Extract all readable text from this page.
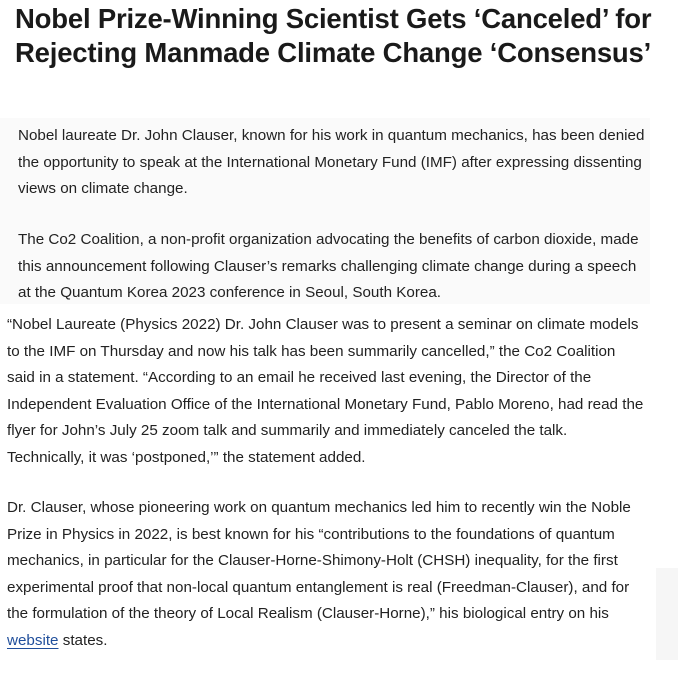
Nobel Prize-Winning Scientist Gets ‘Canceled’ for Rejecting Manmade Climate Change ‘Consensus’

Nobel laureate Dr. John Clauser, known for his work in quantum mechanics, has been denied the opportunity to speak at the International Monetary Fund (IMF) after expressing dissenting views on climate change.

The Co2 Coalition, a non-profit organization advocating the benefits of carbon dioxide, made this announcement following Clauser’s remarks challenging climate change during a speech at the Quantum Korea 2023 conference in Seoul, South Korea.

“Nobel Laureate (Physics 2022) Dr. John Clauser was to present a seminar on climate models to the IMF on Thursday and now his talk has been summarily cancelled,” the Co2 Coalition said in a statement. “According to an email he received last evening, the Director of the Independent Evaluation Office of the International Monetary Fund, Pablo Moreno, had read the flyer for John’s July 25 zoom talk and summarily and immediately canceled the talk. Technically, it was ‘postponed,’” the statement added.

Dr. Clauser, whose pioneering work on quantum mechanics led him to recently win the Noble Prize in Physics in 2022, is best known for his “contributions to the foundations of quantum mechanics, in particular for the Clauser-Horne-Shimony-Holt (CHSH) inequality, for the first experimental proof that non-local quantum entanglement is real (Freedman-Clauser), and for the formulation of the theory of Local Realism (Clauser-Horne),” his biological entry on his website states.
